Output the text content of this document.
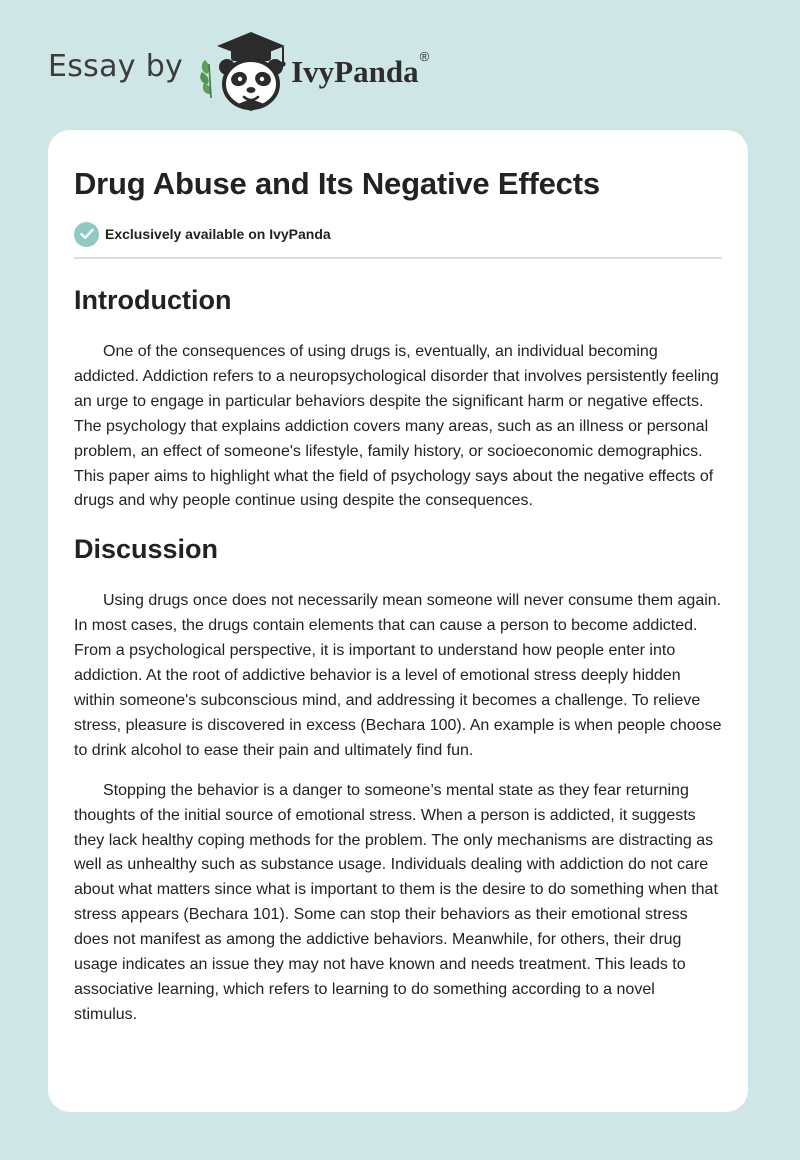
Essay by	IvyPanda ®
Drug Abuse and Its Negative Effects
Exclusively available on IvyPanda
Introduction

One of the consequences of using drugs is, eventually, an individual becoming addicted. Addiction refers to a neuropsychological disorder that involves persistently feeling an urge to engage in particular behaviors despite the significant harm or negative effects. The psychology that explains addiction covers many areas, such as an illness or personal problem, an effect of someone's lifestyle, family history, or socioeconomic demographics. This paper aims to highlight what the field of psychology says about the negative effects of drugs and why people continue using despite the consequences.

Discussion

Using drugs once does not necessarily mean someone will never consume them again. In most cases, the drugs contain elements that can cause a person to become addicted. From a psychological perspective, it is important to understand how people enter into addiction. At the root of addictive behavior is a level of emotional stress deeply hidden within someone's subconscious mind, and addressing it becomes a challenge. To relieve stress, pleasure is discovered in excess (Bechara 100). An example is when people choose to drink alcohol to ease their pain and ultimately find fun.

Stopping the behavior is a danger to someone’s mental state as they fear returning thoughts of the initial source of emotional stress. When a person is addicted, it suggests they lack healthy coping methods for the problem. The only mechanisms are distracting as well as unhealthy such as substance usage. Individuals dealing with addiction do not care about what matters since what is important to them is the desire to do something when that stress appears (Bechara 101). Some can stop their behaviors as their emotional stress does not manifest as among the addictive behaviors. Meanwhile, for others, their drug usage indicates an issue they may not have known and needs treatment. This leads to associative learning, which refers to learning to do something according to a novel stimulus.
